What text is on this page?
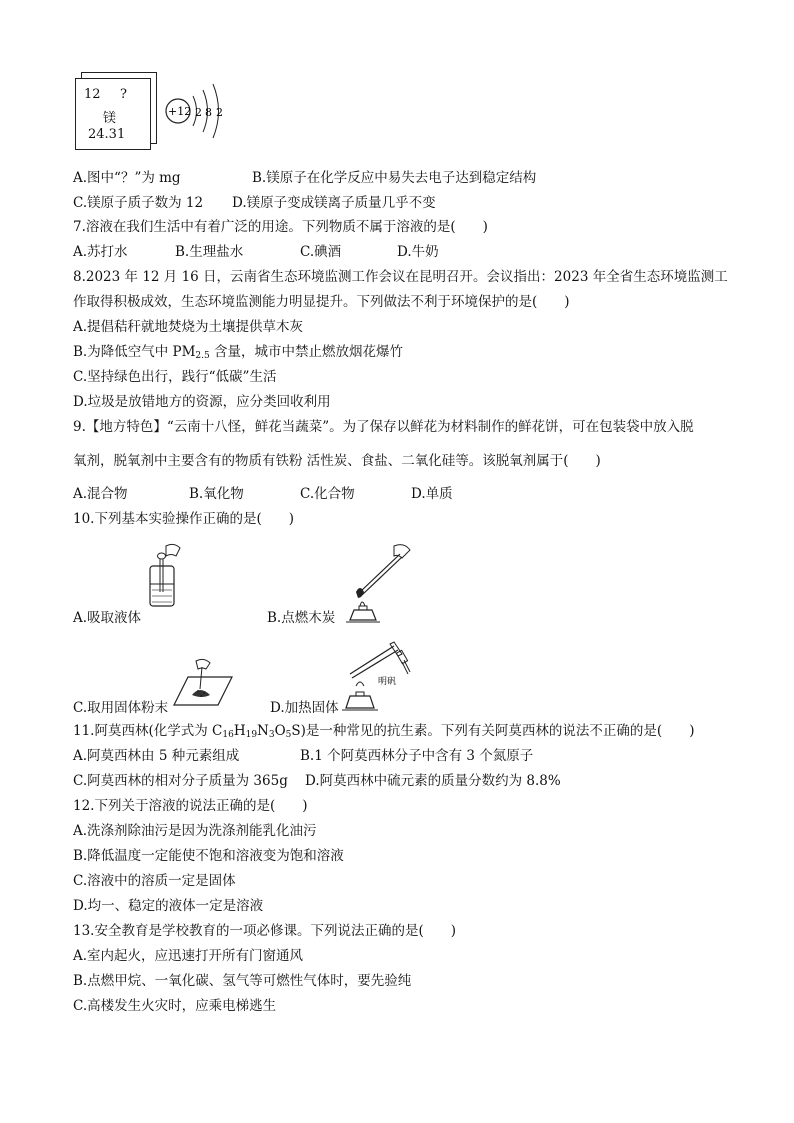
12 ?
镁
24.31
+12 2 8 2
A.图中“？”为 mg	B.镁原子在化学反应中易失去电子达到稳定结构
C.镁原子质子数为 12 D.镁原子变成镁离子质量几乎不变
7.溶液在我们生活中有着广泛的用途。下列物质不属于溶液的是(　　)
A.苏打水	B.生理盐水	C.碘酒	D.牛奶
8.2023 年 12 月 16 日，云南省生态环境监测工作会议在昆明召开。会议指出：2023 年全省生态环境监测工
作取得积极成效，生态环境监测能力明显提升。下列做法不利于环境保护的是(　　)
A.提倡秸秆就地焚烧为土壤提供草木灰
B.为降低空气中 $PM_{2.5}$ 含量，城市中禁止燃放烟花爆竹
C.坚持绿色出行，践行“低碳”生活
D.垃圾是放错地方的资源，应分类回收利用
9.【地方特色】“云南十八怪，鲜花当蔬菜”。为了保存以鲜花为材料制作的鲜花饼，可在包装袋中放入脱
氧剂，脱氧剂中主要含有的物质有铁粉 活性炭、食盐、二氧化硅等。该脱氧剂属于(　　)
A.混合物	B.氧化物	C.化合物	D.单质
10.下列基本实验操作正确的是(　　)
A.吸取液体	B.点燃木炭
C.取用固体粉末
明矾
D.加热固体
11.阿莫西林(化学式为 $C_{16}H_{19}N_3O_5S$)是一种常见的抗生素。下列有关阿莫西林的说法不正确的是(　　)
A.阿莫西林由 5 种元素组成	B.1 个阿莫西林分子中含有 3 个氮原子
C.阿莫西林的相对分子质量为 365g D.阿莫西林中硫元素的质量分数约为 8.8%
12.下列关于溶液的说法正确的是(　　)
A.洗涤剂除油污是因为洗涤剂能乳化油污
B.降低温度一定能使不饱和溶液变为饱和溶液
C.溶液中的溶质一定是固体
D.均一、稳定的液体一定是溶液
13.安全教育是学校教育的一项必修课。下列说法正确的是(　　)
A.室内起火，应迅速打开所有门窗通风
B.点燃甲烷、一氧化碳、氢气等可燃性气体时，要先验纯
C.高楼发生火灾时，应乘电梯逃生
